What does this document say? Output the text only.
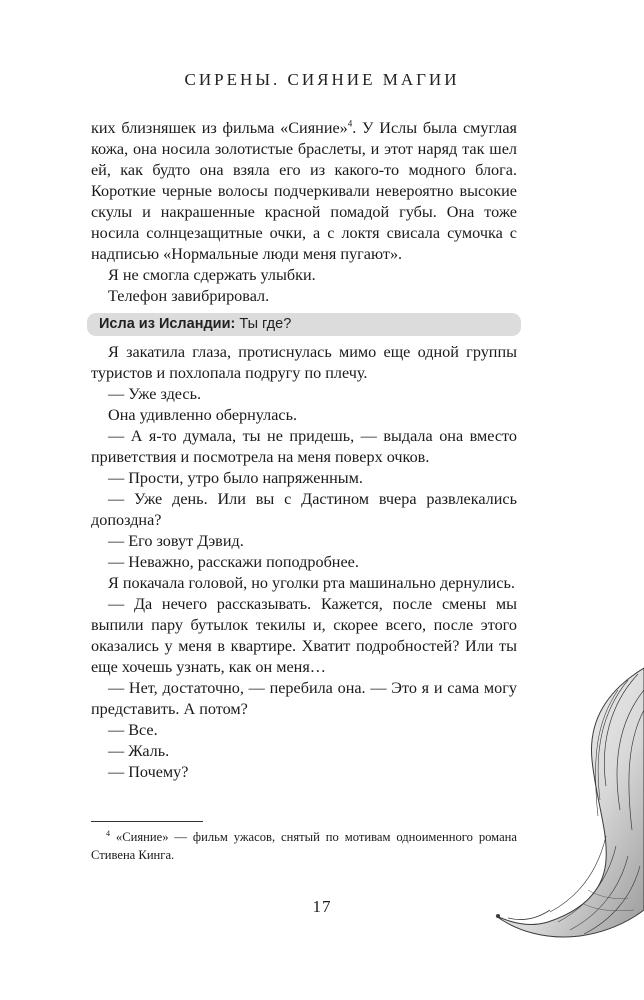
СИРЕНЫ. СИЯНИЕ МАГИИ

ких близняшек из фильма «Сияние»$^4$. У Ислы была смуглая кожа, она носила золотистые браслеты, и этот наряд так шел ей, как будто она взяла его из какого-то модного блога. Короткие черные волосы подчеркивали невероятно высокие скулы и накрашенные красной помадой губы. Она тоже носила солнцезащитные очки, а с локтя свисала сумочка с надписью «Нормальные люди меня пугают».

Я не смогла сдержать улыбки.

Телефон завибрировал.

Исла из Исландии: Ты где?

Я закатила глаза, протиснулась мимо еще одной группы туристов и похлопала подругу по плечу.

— Уже здесь.

Она удивленно обернулась.

— А я-то думала, ты не придешь, — выдала она вместо приветствия и посмотрела на меня поверх очков.

— Прости, утро было напряженным.

— Уже день. Или вы с Дастином вчера развлекались допоздна?

— Его зовут Дэвид.

— Неважно, расскажи поподробнее.

Я покачала головой, но уголки рта машинально дернулись.

— Да нечего рассказывать. Кажется, после смены мы выпили пару бутылок текилы и, скорее всего, после этого оказались у меня в квартире. Хватит подробностей? Или ты еще хочешь узнать, как он меня…

— Нет, достаточно, — перебила она. — Это я и сама могу представить. А потом?

— Все.

— Жаль.

— Почему?

$^4$ «Сияние» — фильм ужасов, снятый по мотивам одноименного романа Стивена Кинга.
17
